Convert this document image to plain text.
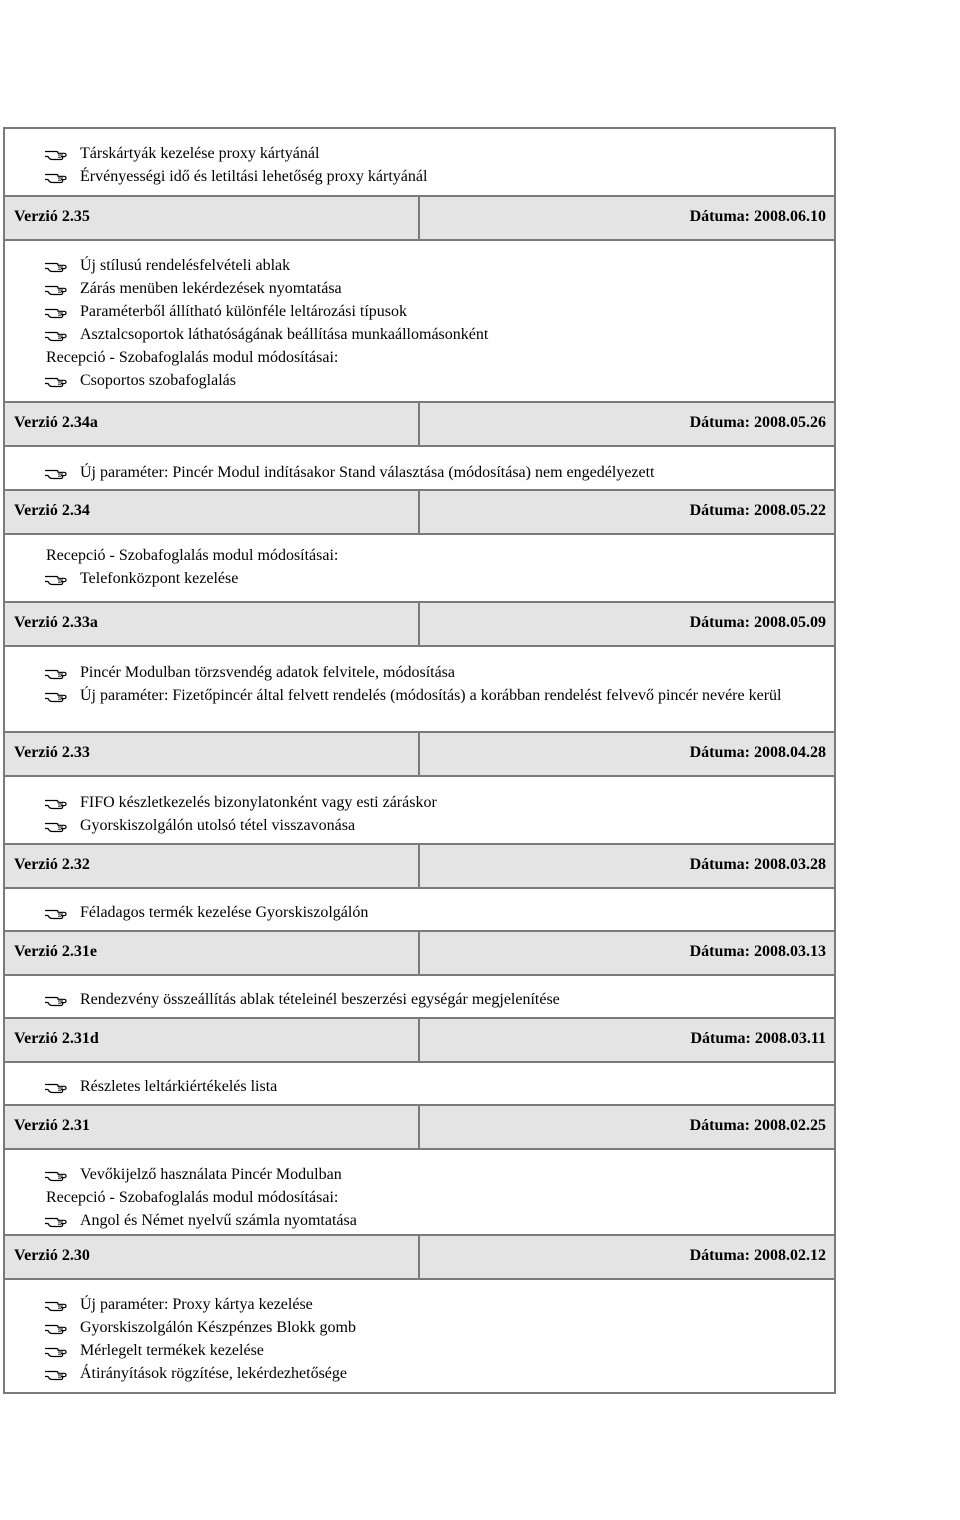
Társkártyák kezelése proxy kártyánál
Érvényességi idő és letiltási lehetőség proxy kártyánál
Verzió 2.35	Dátuma: 2008.06.10
Új stílusú rendelésfelvételi ablak
Zárás menüben lekérdezések nyomtatása
Paraméterből állítható különféle leltározási típusok
Asztalcsoportok láthatóságának beállítása munkaállomásonként
Recepció - Szobafoglalás modul módosításai:
Csoportos szobafoglalás
Verzió 2.34a	Dátuma: 2008.05.26
Új paraméter: Pincér Modul indításakor Stand választása (módosítása) nem engedélyezett
Verzió 2.34	Dátuma: 2008.05.22
Recepció - Szobafoglalás modul módosításai:
Telefonközpont kezelése
Verzió 2.33a	Dátuma: 2008.05.09
Pincér Modulban törzsvendég adatok felvitele, módosítása
Új paraméter: Fizetőpincér által felvett rendelés (módosítás) a korábban rendelést felvevő pincér nevére kerül
Verzió 2.33	Dátuma: 2008.04.28
FIFO készletkezelés bizonylatonként vagy esti záráskor
Gyorskiszolgálón utolsó tétel visszavonása
Verzió 2.32	Dátuma: 2008.03.28
Féladagos termék kezelése Gyorskiszolgálón
Verzió 2.31e	Dátuma: 2008.03.13
Rendezvény összeállítás ablak tételeinél beszerzési egységár megjelenítése
Verzió 2.31d	Dátuma: 2008.03.11
Részletes leltárkiértékelés lista
Verzió 2.31	Dátuma: 2008.02.25
Vevőkijelző használata Pincér Modulban
Recepció - Szobafoglalás modul módosításai:
Angol és Német nyelvű számla nyomtatása
Verzió 2.30	Dátuma: 2008.02.12
Új paraméter: Proxy kártya kezelése
Gyorskiszolgálón Készpénzes Blokk gomb
Mérlegelt termékek kezelése
Átirányítások rögzítése, lekérdezhetősége
